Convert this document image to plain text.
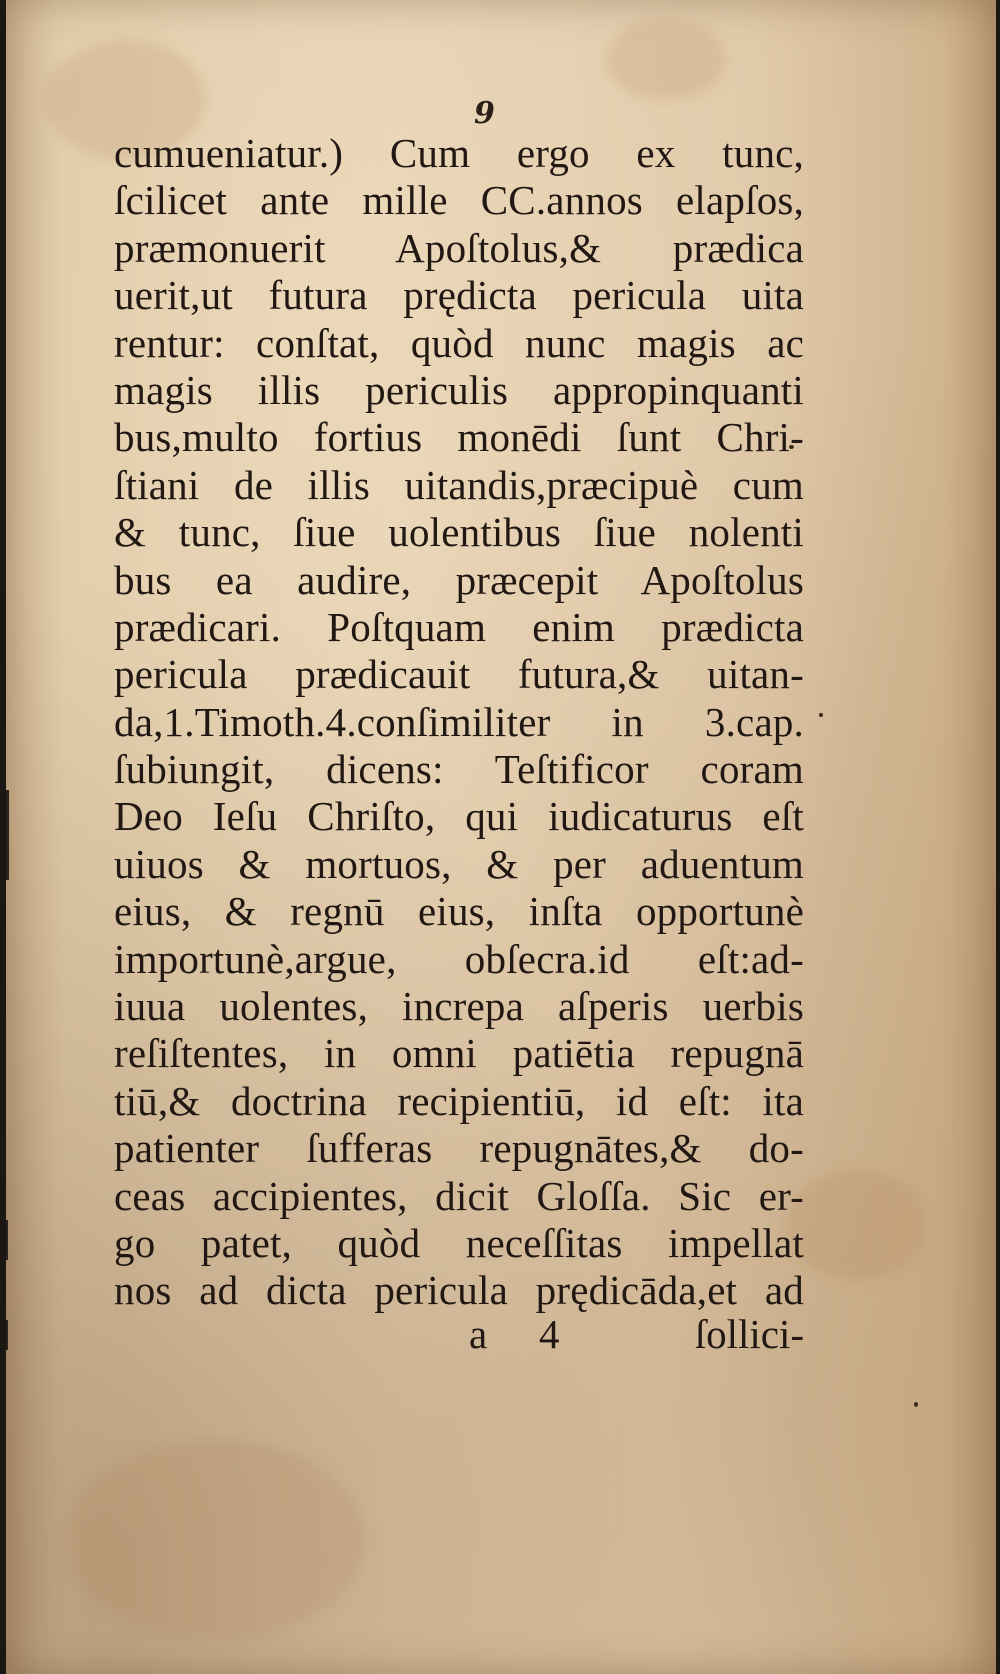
9
cumueniatur.) Cum ergo ex tunc,
ſcilicet ante mille CC.annos elapſos,
præmonuerit Apoſtolus,& prædica
uerit,ut futura prędicta pericula uita
rentur: conſtat, quòd nunc magis ac
magis illis periculis appropinquanti
bus,multo fortius monēdi ſunt Chri-
ſtiani de illis uitandis,præcipuè cum
& tunc, ſiue uolentibus ſiue nolenti
bus ea audire, præcepit Apoſtolus
prædicari. Poſtquam enim prædicta
pericula prædicauit futura,& uitan-
da,1.Timoth.4.conſimiliter in 3.cap.
ſubiungit, dicens: Teſtificor coram
Deo Ieſu Chriſto, qui iudicaturus eſt
uiuos & mortuos, & per aduentum
eius, & regnū eius, inſta opportunè
importunè,argue, obſecra.id eſt:ad-
iuua uolentes, increpa aſperis uerbis
reſiſtentes, in omni patiētia repugnā
tiū,& doctrina recipientiū, id eſt: ita
patienter ſufferas repugnātes,& do-
ceas accipientes, dicit Gloſſa. Sic er-
go patet, quòd neceſſitas impellat
nos ad dicta pericula prędicāda,et ad
a 4	ſollici-
